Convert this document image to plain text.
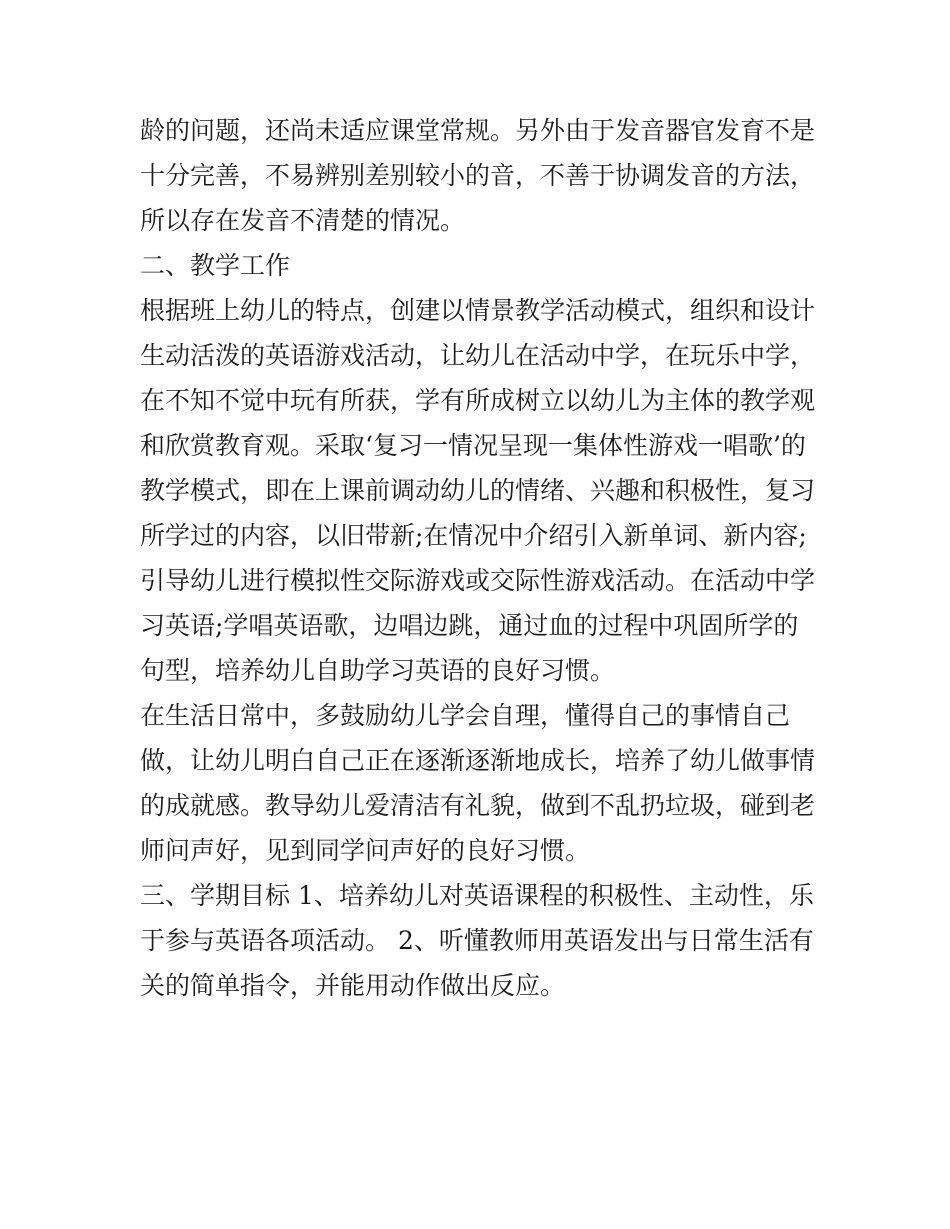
龄的问题，还尚未适应课堂常规。另外由于发音器官发育不是
十分完善，不易辨别差别较小的音，不善于协调发音的方法，
所以存在发音不清楚的情况。
二、教学工作
根据班上幼儿的特点，创建以情景教学活动模式，组织和设计
生动活泼的英语游戏活动，让幼儿在活动中学，在玩乐中学，
在不知不觉中玩有所获，学有所成树立以幼儿为主体的教学观
和欣赏教育观。采取‘复习一情况呈现一集体性游戏一唱歌’的
教学模式，即在上课前调动幼儿的情绪、兴趣和积极性，复习
所学过的内容，以旧带新;在情况中介绍引入新单词、新内容;
引导幼儿进行模拟性交际游戏或交际性游戏活动。在活动中学
习英语;学唱英语歌，边唱边跳，通过血的过程中巩固所学的
句型，培养幼儿自助学习英语的良好习惯。
在生活日常中，多鼓励幼儿学会自理，懂得自己的事情自己
做，让幼儿明白自己正在逐渐逐渐地成长，培养了幼儿做事情
的成就感。教导幼儿爱清洁有礼貌，做到不乱扔垃圾，碰到老
师问声好，见到同学问声好的良好习惯。
三、学期目标 1、培养幼儿对英语课程的积极性、主动性，乐
于参与英语各项活动。 2、听懂教师用英语发出与日常生活有
关的简单指令，并能用动作做出反应。
